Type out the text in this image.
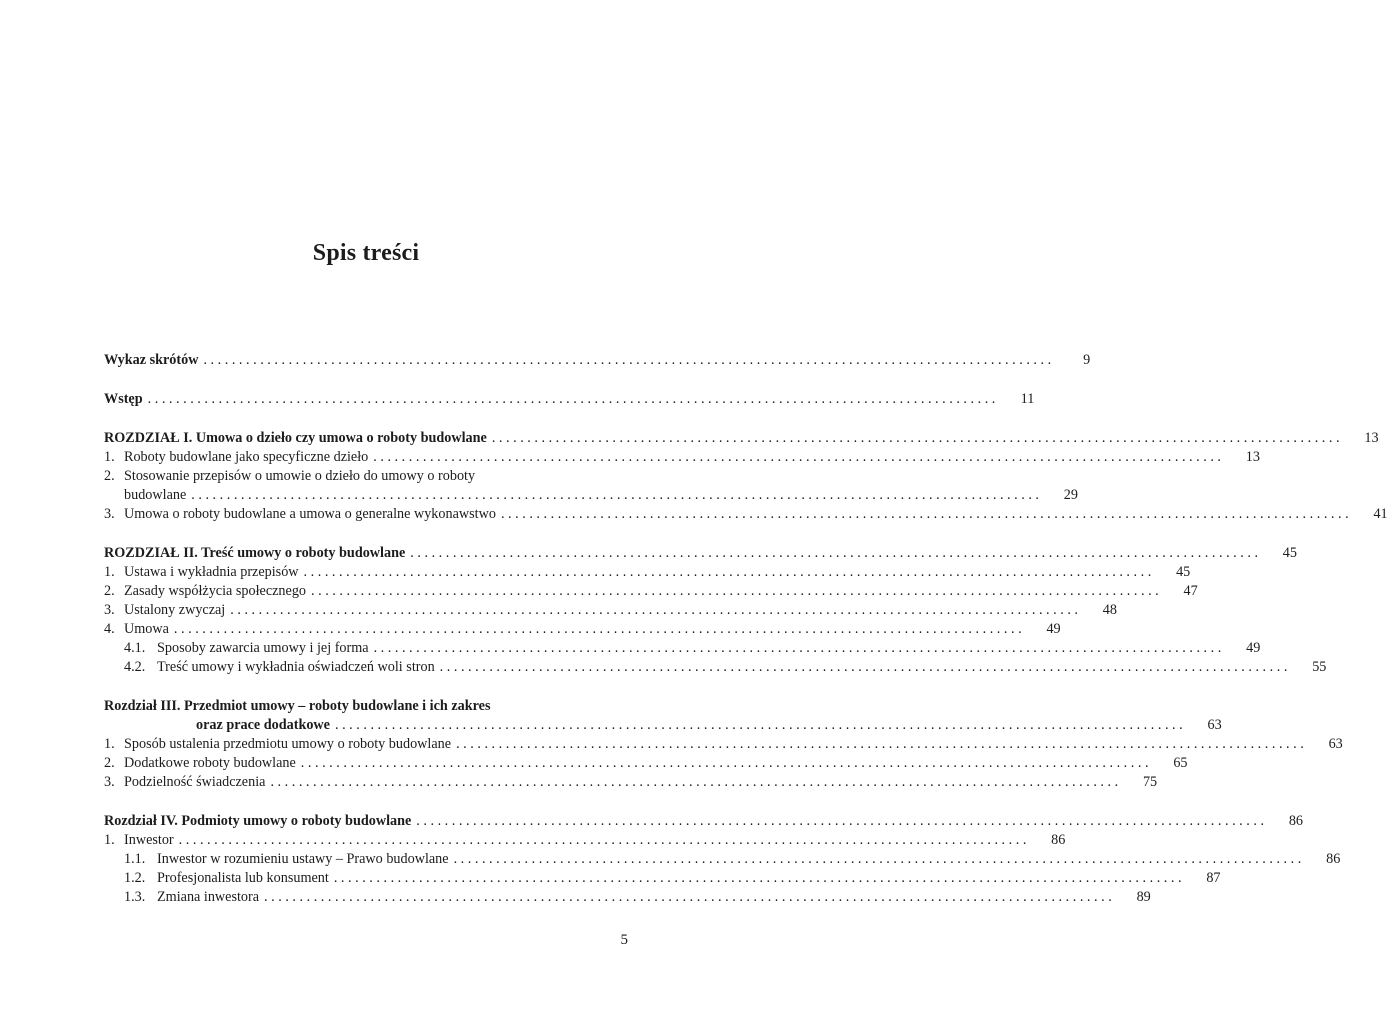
Spis treści
Wykaz skrótów . . .	9
Wstęp . . .	11
ROZDZIAŁ I. Umowa o dzieło czy umowa o roboty budowlane . . .	13
1. Roboty budowlane jako specyficzne dzieło . . .	13
2. Stosowanie przepisów o umowie o dzieło do umowy o roboty
budowlane . . .	29
3. Umowa o roboty budowlane a umowa o generalne wykonawstwo . . .	41
ROZDZIAŁ II. Treść umowy o roboty budowlane . . .	45
1. Ustawa i wykładnia przepisów . . .	45
2. Zasady współżycia społecznego . . .	47
3. Ustalony zwyczaj . . .	48
4. Umowa . . .	49
4.1. Sposoby zawarcia umowy i jej forma . . .	49
4.2. Treść umowy i wykładnia oświadczeń woli stron . . .	55
Rozdział III. Przedmiot umowy – roboty budowlane i ich zakres
oraz prace dodatkowe . . .	63
1. Sposób ustalenia przedmiotu umowy o roboty budowlane . . .	63
2. Dodatkowe roboty budowlane . . .	65
3. Podzielność świadczenia . . .	75
Rozdział IV. Podmioty umowy o roboty budowlane . . .	86
1. Inwestor . . .	86
1.1. Inwestor w rozumieniu ustawy – Prawo budowlane . . .	86
1.2. Profesjonalista lub konsument . . .	87
1.3. Zmiana inwestora . . .	89
5
